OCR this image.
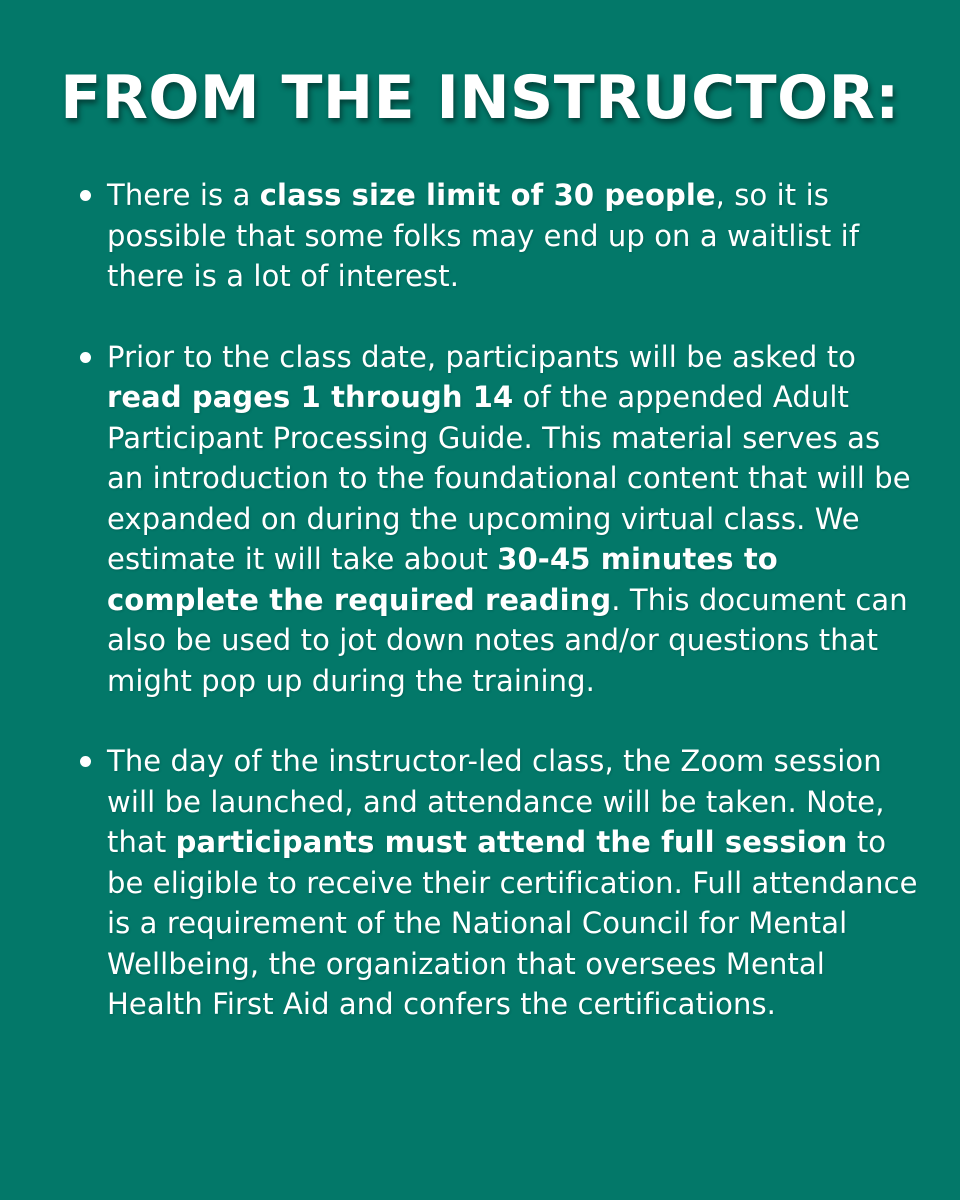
FROM THE INSTRUCTOR:
There is a class size limit of 30 people, so it is possible that some folks may end up on a waitlist if there is a lot of interest.
Prior to the class date, participants will be asked to read pages 1 through 14 of the appended Adult Participant Processing Guide. This material serves as an introduction to the foundational content that will be expanded on during the upcoming virtual class. We estimate it will take about 30-45 minutes to complete the required reading. This document can also be used to jot down notes and/or questions that might pop up during the training.
The day of the instructor-led class, the Zoom session will be launched, and attendance will be taken. Note, that participants must attend the full session to be eligible to receive their certification. Full attendance is a requirement of the National Council for Mental Wellbeing, the organization that oversees Mental Health First Aid and confers the certifications.
